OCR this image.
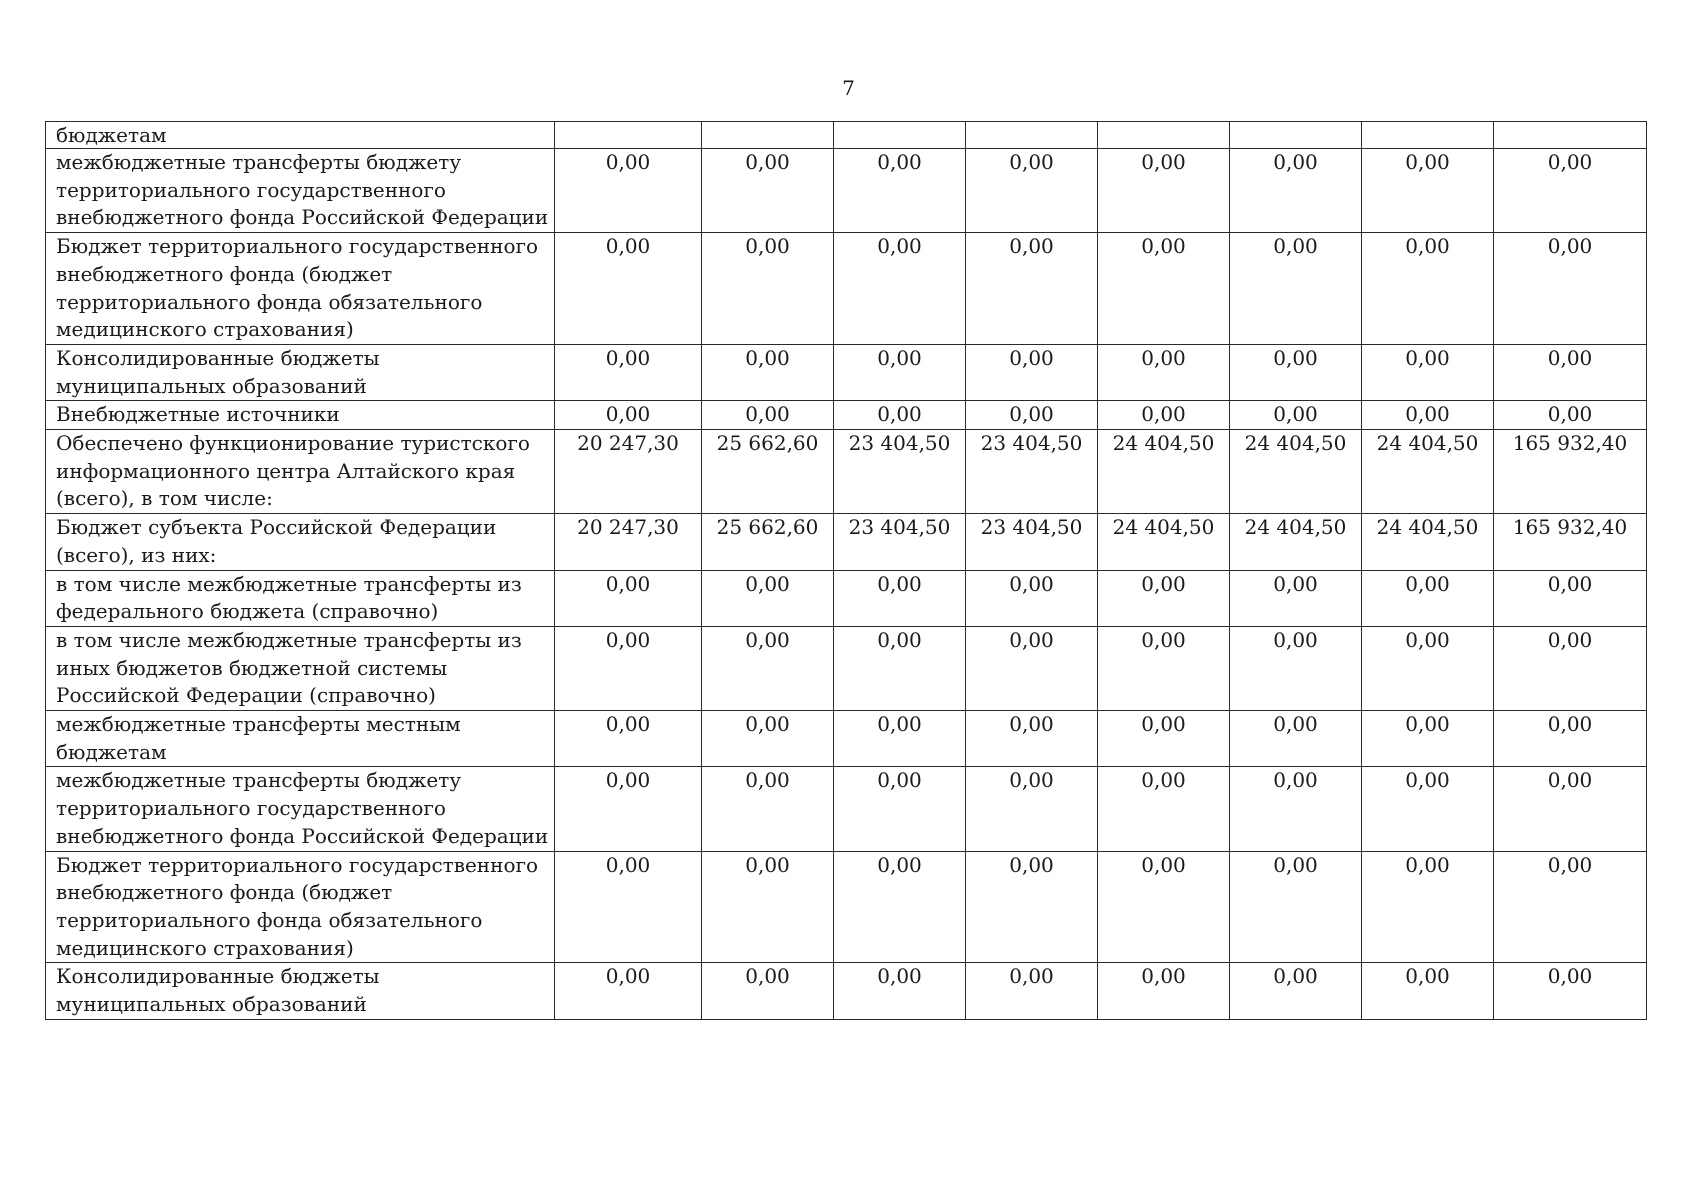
7
бюджетам								
межбюджетные трансферты бюджету территориального государственного внебюджетного фонда Российской Федерации	0,00	0,00	0,00	0,00	0,00	0,00	0,00	0,00
Бюджет территориального государственного внебюджетного фонда (бюджет территориального фонда обязательного медицинского страхования)	0,00	0,00	0,00	0,00	0,00	0,00	0,00	0,00
Консолидированные бюджеты муниципальных образований	0,00	0,00	0,00	0,00	0,00	0,00	0,00	0,00
Внебюджетные источники	0,00	0,00	0,00	0,00	0,00	0,00	0,00	0,00
Обеспечено функционирование туристского информационного центра Алтайского края (всего), в том числе:	20 247,30	25 662,60	23 404,50	23 404,50	24 404,50	24 404,50	24 404,50	165 932,40
Бюджет субъекта Российской Федерации (всего), из них:	20 247,30	25 662,60	23 404,50	23 404,50	24 404,50	24 404,50	24 404,50	165 932,40
в том числе межбюджетные трансферты из федерального бюджета (справочно)	0,00	0,00	0,00	0,00	0,00	0,00	0,00	0,00
в том числе межбюджетные трансферты из иных бюджетов бюджетной системы Российской Федерации (справочно)	0,00	0,00	0,00	0,00	0,00	0,00	0,00	0,00
межбюджетные трансферты местным бюджетам	0,00	0,00	0,00	0,00	0,00	0,00	0,00	0,00
межбюджетные трансферты бюджету территориального государственного внебюджетного фонда Российской Федерации	0,00	0,00	0,00	0,00	0,00	0,00	0,00	0,00
Бюджет территориального государственного внебюджетного фонда (бюджет территориального фонда обязательного медицинского страхования)	0,00	0,00	0,00	0,00	0,00	0,00	0,00	0,00
Консолидированные бюджеты муниципальных образований	0,00	0,00	0,00	0,00	0,00	0,00	0,00	0,00
